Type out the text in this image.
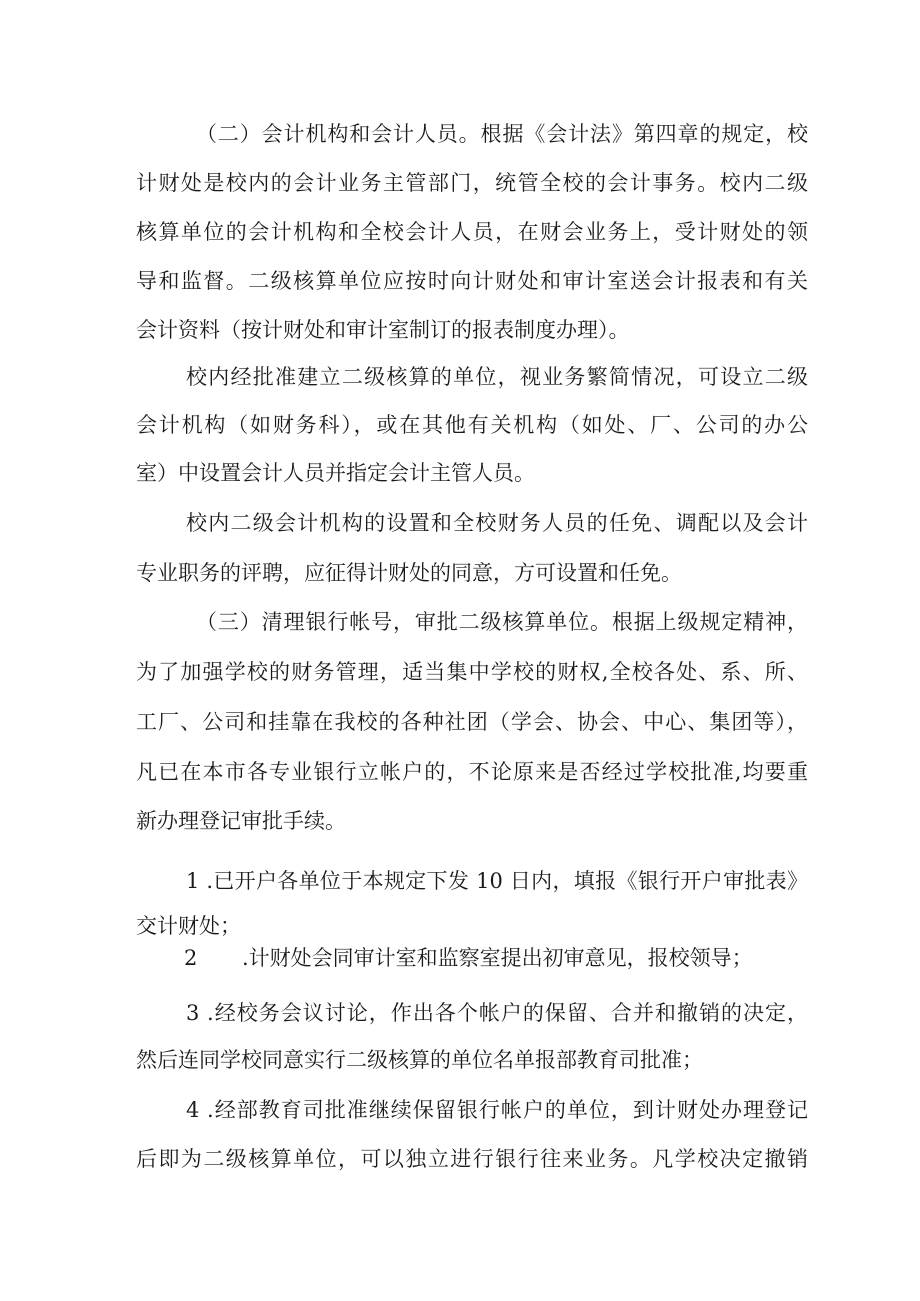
（二）会计机构和会计人员。根据《会计法》第四章的规定，校
计财处是校内的会计业务主管部门，统管全校的会计事务。校内二级
核算单位的会计机构和全校会计人员，在财会业务上，受计财处的领
导和监督。二级核算单位应按时向计财处和审计室送会计报表和有关
会计资料（按计财处和审计室制订的报表制度办理）。
校内经批准建立二级核算的单位，视业务繁简情况，可设立二级
会计机构（如财务科），或在其他有关机构（如处、厂、公司的办公
室）中设置会计人员并指定会计主管人员。
校内二级会计机构的设置和全校财务人员的任免、调配以及会计
专业职务的评聘，应征得计财处的同意，方可设置和任免。
（三）清理银行帐号，审批二级核算单位。根据上级规定精神，
为了加强学校的财务管理，适当集中学校的财权,全校各处、系、所、
工厂、公司和挂靠在我校的各种社团（学会、协会、中心、集团等），
凡已在本市各专业银行立帐户的，不论原来是否经过学校批准,均要重
新办理登记审批手续。
1 .已开户各单位于本规定下发 10 日内，填报《银行开户审批表》
交计财处；
2	.计财处会同审计室和监察室提出初审意见，报校领导；
3 .经校务会议讨论，作出各个帐户的保留、合并和撤销的决定，
然后连同学校同意实行二级核算的单位名单报部教育司批准；
4 .经部教育司批准继续保留银行帐户的单位，到计财处办理登记
后即为二级核算单位，可以独立进行银行往来业务。凡学校决定撤销
